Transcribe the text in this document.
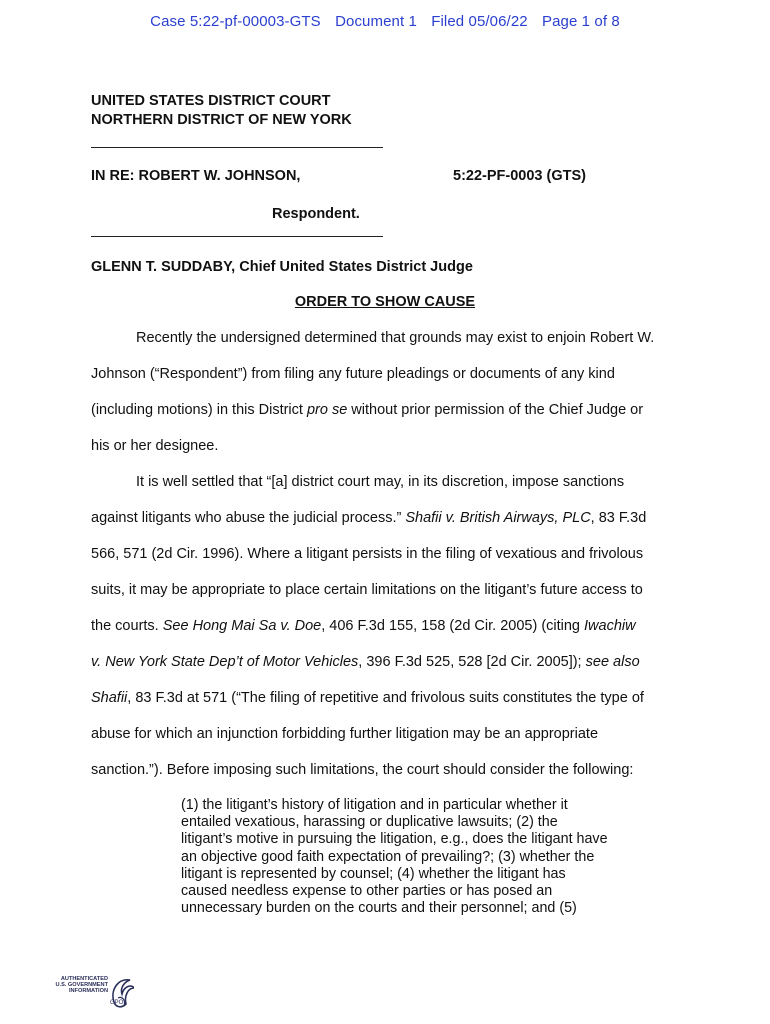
Case 5:22-pf-00003-GTS Document 1 Filed 05/06/22 Page 1 of 8
UNITED STATES DISTRICT COURT
NORTHERN DISTRICT OF NEW YORK
IN RE: ROBERT W. JOHNSON,	5:22-PF-0003 (GTS)
Respondent.
GLENN T. SUDDABY, Chief United States District Judge
ORDER TO SHOW CAUSE
Recently the undersigned determined that grounds may exist to enjoin Robert W.
Johnson (“Respondent”) from filing any future pleadings or documents of any kind
(including motions) in this District pro se without prior permission of the Chief Judge or
his or her designee.
It is well settled that “[a] district court may, in its discretion, impose sanctions
against litigants who abuse the judicial process.” Shafii v. British Airways, PLC, 83 F.3d
566, 571 (2d Cir. 1996). Where a litigant persists in the filing of vexatious and frivolous
suits, it may be appropriate to place certain limitations on the litigant’s future access to
the courts. See Hong Mai Sa v. Doe, 406 F.3d 155, 158 (2d Cir. 2005) (citing Iwachiw
v. New York State Dep’t of Motor Vehicles, 396 F.3d 525, 528 [2d Cir. 2005]); see also
Shafii, 83 F.3d at 571 (“The filing of repetitive and frivolous suits constitutes the type of
abuse for which an injunction forbidding further litigation may be an appropriate
sanction.”). Before imposing such limitations, the court should consider the following:
(1) the litigant’s history of litigation and in particular whether it
entailed vexatious, harassing or duplicative lawsuits; (2) the
litigant’s motive in pursuing the litigation, e.g., does the litigant have
an objective good faith expectation of prevailing?; (3) whether the
litigant is represented by counsel; (4) whether the litigant has
caused needless expense to other parties or has posed an
unnecessary burden on the courts and their personnel; and (5)
AUTHENTICATED
U.S. GOVERNMENT
INFORMATION
GPO
